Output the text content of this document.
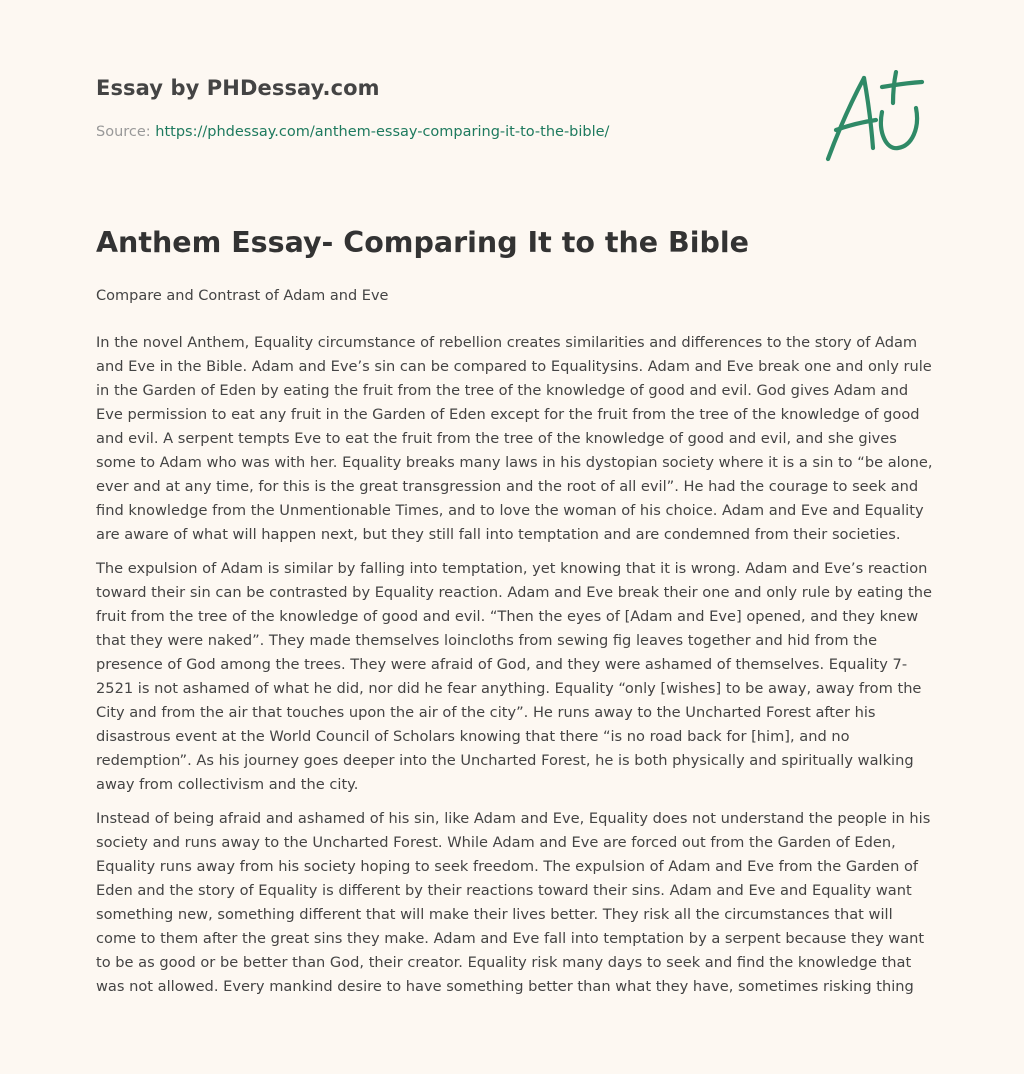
Essay by PHDessay.com
Source: https://phdessay.com/anthem-essay-comparing-it-to-the-bible/
Anthem Essay- Comparing It to the Bible

Compare and Contrast of Adam and Eve

In the novel Anthem, Equality circumstance of rebellion creates similarities and differences to the story of Adam and Eve in the Bible. Adam and Eve’s sin can be compared to Equalitysins. Adam and Eve break one and only rule in the Garden of Eden by eating the fruit from the tree of the knowledge of good and evil. God gives Adam and Eve permission to eat any fruit in the Garden of Eden except for the fruit from the tree of the knowledge of good and evil. A serpent tempts Eve to eat the fruit from the tree of the knowledge of good and evil, and she gives some to Adam who was with her. Equality breaks many laws in his dystopian society where it is a sin to “be alone, ever and at any time, for this is the great transgression and the root of all evil”. He had the courage to seek and find knowledge from the Unmentionable Times, and to love the woman of his choice. Adam and Eve and Equality are aware of what will happen next, but they still fall into temptation and are condemned from their societies.

The expulsion of Adam is similar by falling into temptation, yet knowing that it is wrong. Adam and Eve’s reaction toward their sin can be contrasted by Equality reaction. Adam and Eve break their one and only rule by eating the fruit from the tree of the knowledge of good and evil. “Then the eyes of [Adam and Eve] opened, and they knew that they were naked”. They made themselves loincloths from sewing fig leaves together and hid from the presence of God among the trees. They were afraid of God, and they were ashamed of themselves. Equality 7-2521 is not ashamed of what he did, nor did he fear anything. Equality “only [wishes] to be away, away from the City and from the air that touches upon the air of the city”. He runs away to the Uncharted Forest after his disastrous event at the World Council of Scholars knowing that there “is no road back for [him], and no redemption”. As his journey goes deeper into the Uncharted Forest, he is both physically and spiritually walking away from collectivism and the city.

Instead of being afraid and ashamed of his sin, like Adam and Eve, Equality does not understand the people in his society and runs away to the Uncharted Forest. While Adam and Eve are forced out from the Garden of Eden, Equality runs away from his society hoping to seek freedom. The expulsion of Adam and Eve from the Garden of Eden and the story of Equality is different by their reactions toward their sins. Adam and Eve and Equality want something new, something different that will make their lives better. They risk all the circumstances that will come to them after the great sins they make. Adam and Eve fall into temptation by a serpent because they want to be as good or be better than God, their creator. Equality risk many days to seek and find the knowledge that was not allowed. Every mankind desire to have something better than what they have, sometimes risking thing
